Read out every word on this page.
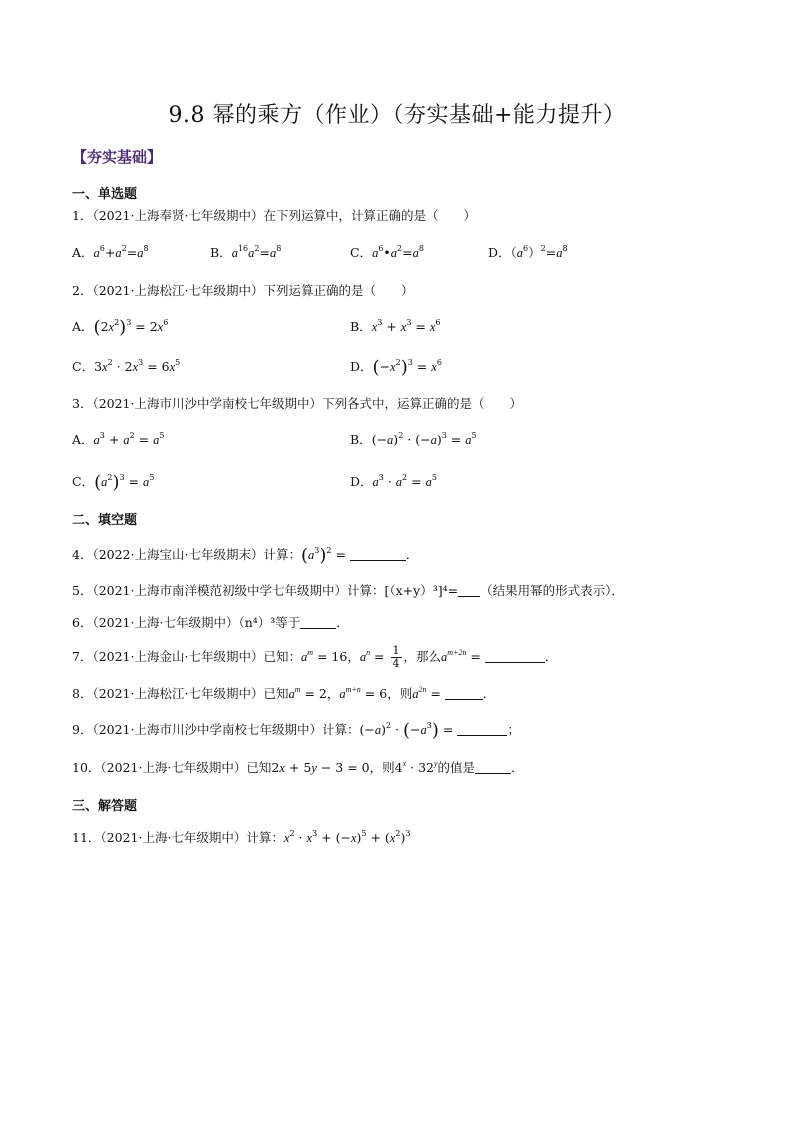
9.8 幂的乘方（作业）（夯实基础+能力提升）
【夯实基础】
一、单选题
1．（2021·上海奉贤·七年级期中）在下列运算中，计算正确的是（　　）
A．$a^6+a^2=a^8$	B．$a^{16}a^2=a^8$	C．$a^6•a^2=a^8$	D．$(a^6)^2=a^8$
2．（2021·上海松江·七年级期中）下列运算正确的是（　　）
A．$(2x^2)^3 = 2x^6$	B．$x^3 + x^3 = x^6$
C．$3x^2 \cdot 2x^3 = 6x^5$	D．$(-x^2)^3 = x^6$
3．（2021·上海市川沙中学南校七年级期中）下列各式中，运算正确的是（　　）
A．$a^3 + a^2 = a^5$	B．$(-a)^2 \cdot (-a)^3 = a^5$
C．$(a^2)^3 = a^5$	D．$a^3 \cdot a^2 = a^5$
二、填空题
4．（2022·上海宝山·七年级期末）计算：$(a^3)^2$ =	．
5．（2021·上海市南洋模范初级中学七年级期中）计算：[（x+y）³]⁴= （结果用幂的形式表示）．
6．（2021·上海·七年级期中）（n⁴）³等于	．
7．（2021·上海金山·七年级期中）已知：$a^m = 16$，$a^n = \frac{1}{4}$ ，那么$a^{m+2n}$ =	．
8．（2021·上海松江·七年级期中）已知$a^m = 2$，$a^{m+n} = 6$，则$a^{2n}$ =	．
9．（2021·上海市川沙中学南校七年级期中）计算：$(-a)^2 \cdot (-a^3)$ =	；
10．（2021·上海·七年级期中）已知2x + 5y − 3 = 0，则$4^x \cdot 32^y$的值是	．
三、解答题
11．（2021·上海·七年级期中）计算：$x^2 \cdot x^3 + (-x)^5 + (x^2)^3$
